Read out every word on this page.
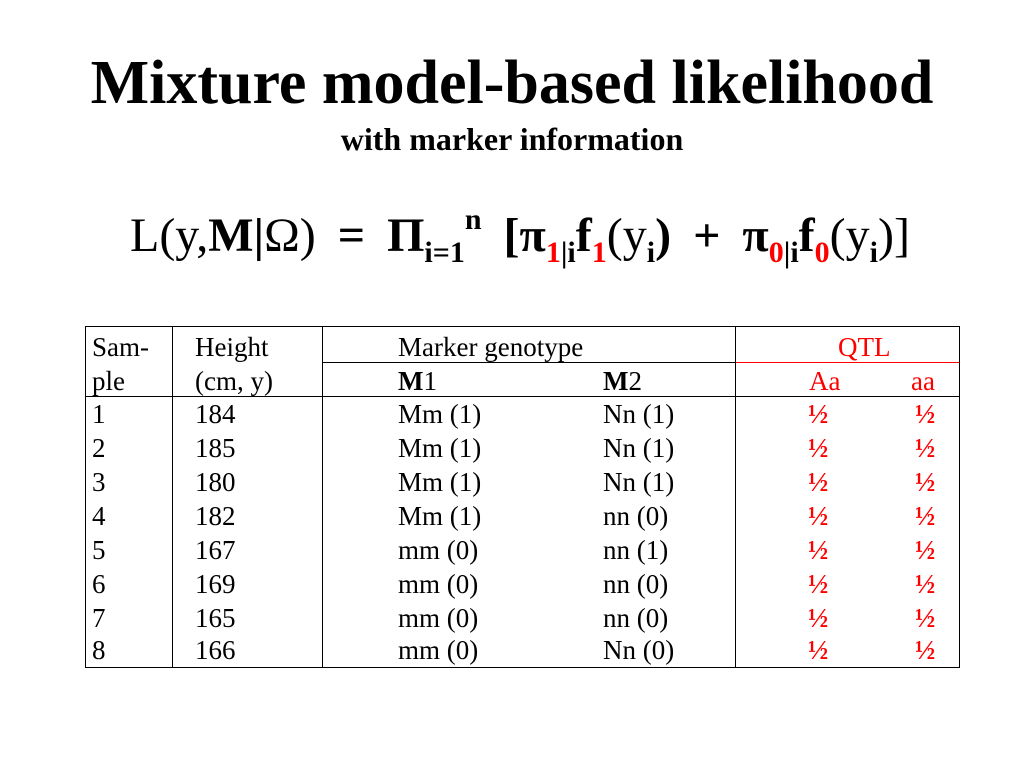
Mixture model-based likelihood
with marker information
$L(y,M|\Omega) = \Pi_{i=1}^n$ $[\pi_{1|i}f_1(y_i) + \pi_{0|i}f_0(y_i)]$
Sam- Height	Marker genotype	QTL
ple	(cm, y)	M1	M2	Aa	aa
1	184	Mm (1)	Nn (1)	½	½
2	185	Mm (1)	Nn (1)	½	½
3	180	Mm (1)	Nn (1)	½	½
4	182	Mm (1)	nn (0)	½	½
5	167	mm (0)	nn (1)	½	½
6	169	mm (0)	nn (0)	½	½
7	165	mm (0)	nn (0)	½	½
8	166	mm (0)	Nn (0)	½	½
